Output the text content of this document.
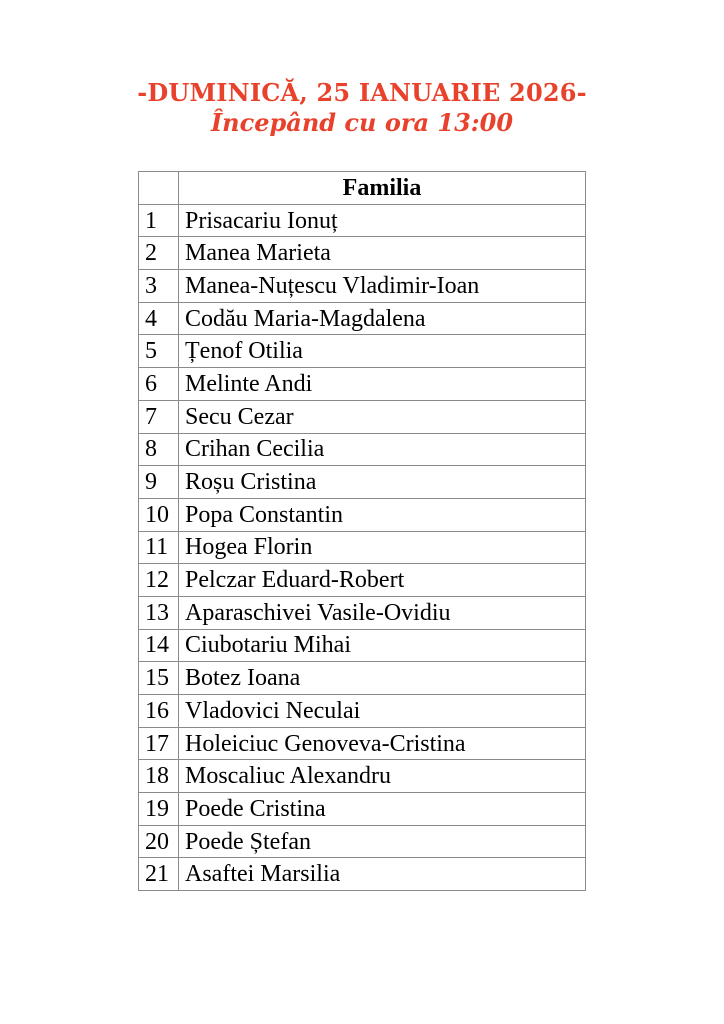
-DUMINICĂ, 25 IANUARIE 2026-
Începând cu ora 13:00
	Familia
1	Prisacariu Ionuț
2	Manea Marieta
3	Manea-Nuțescu Vladimir-Ioan
4	Codău Maria-Magdalena
5	Țenof Otilia
6	Melinte Andi
7	Secu Cezar
8	Crihan Cecilia
9	Roșu Cristina
10	Popa Constantin
11	Hogea Florin
12	Pelczar Eduard-Robert
13	Aparaschivei Vasile-Ovidiu
14	Ciubotariu Mihai
15	Botez Ioana
16	Vladovici Neculai
17	Holeiciuc Genoveva-Cristina
18	Moscaliuc Alexandru
19	Poede Cristina
20	Poede Ștefan
21	Asaftei Marsilia
